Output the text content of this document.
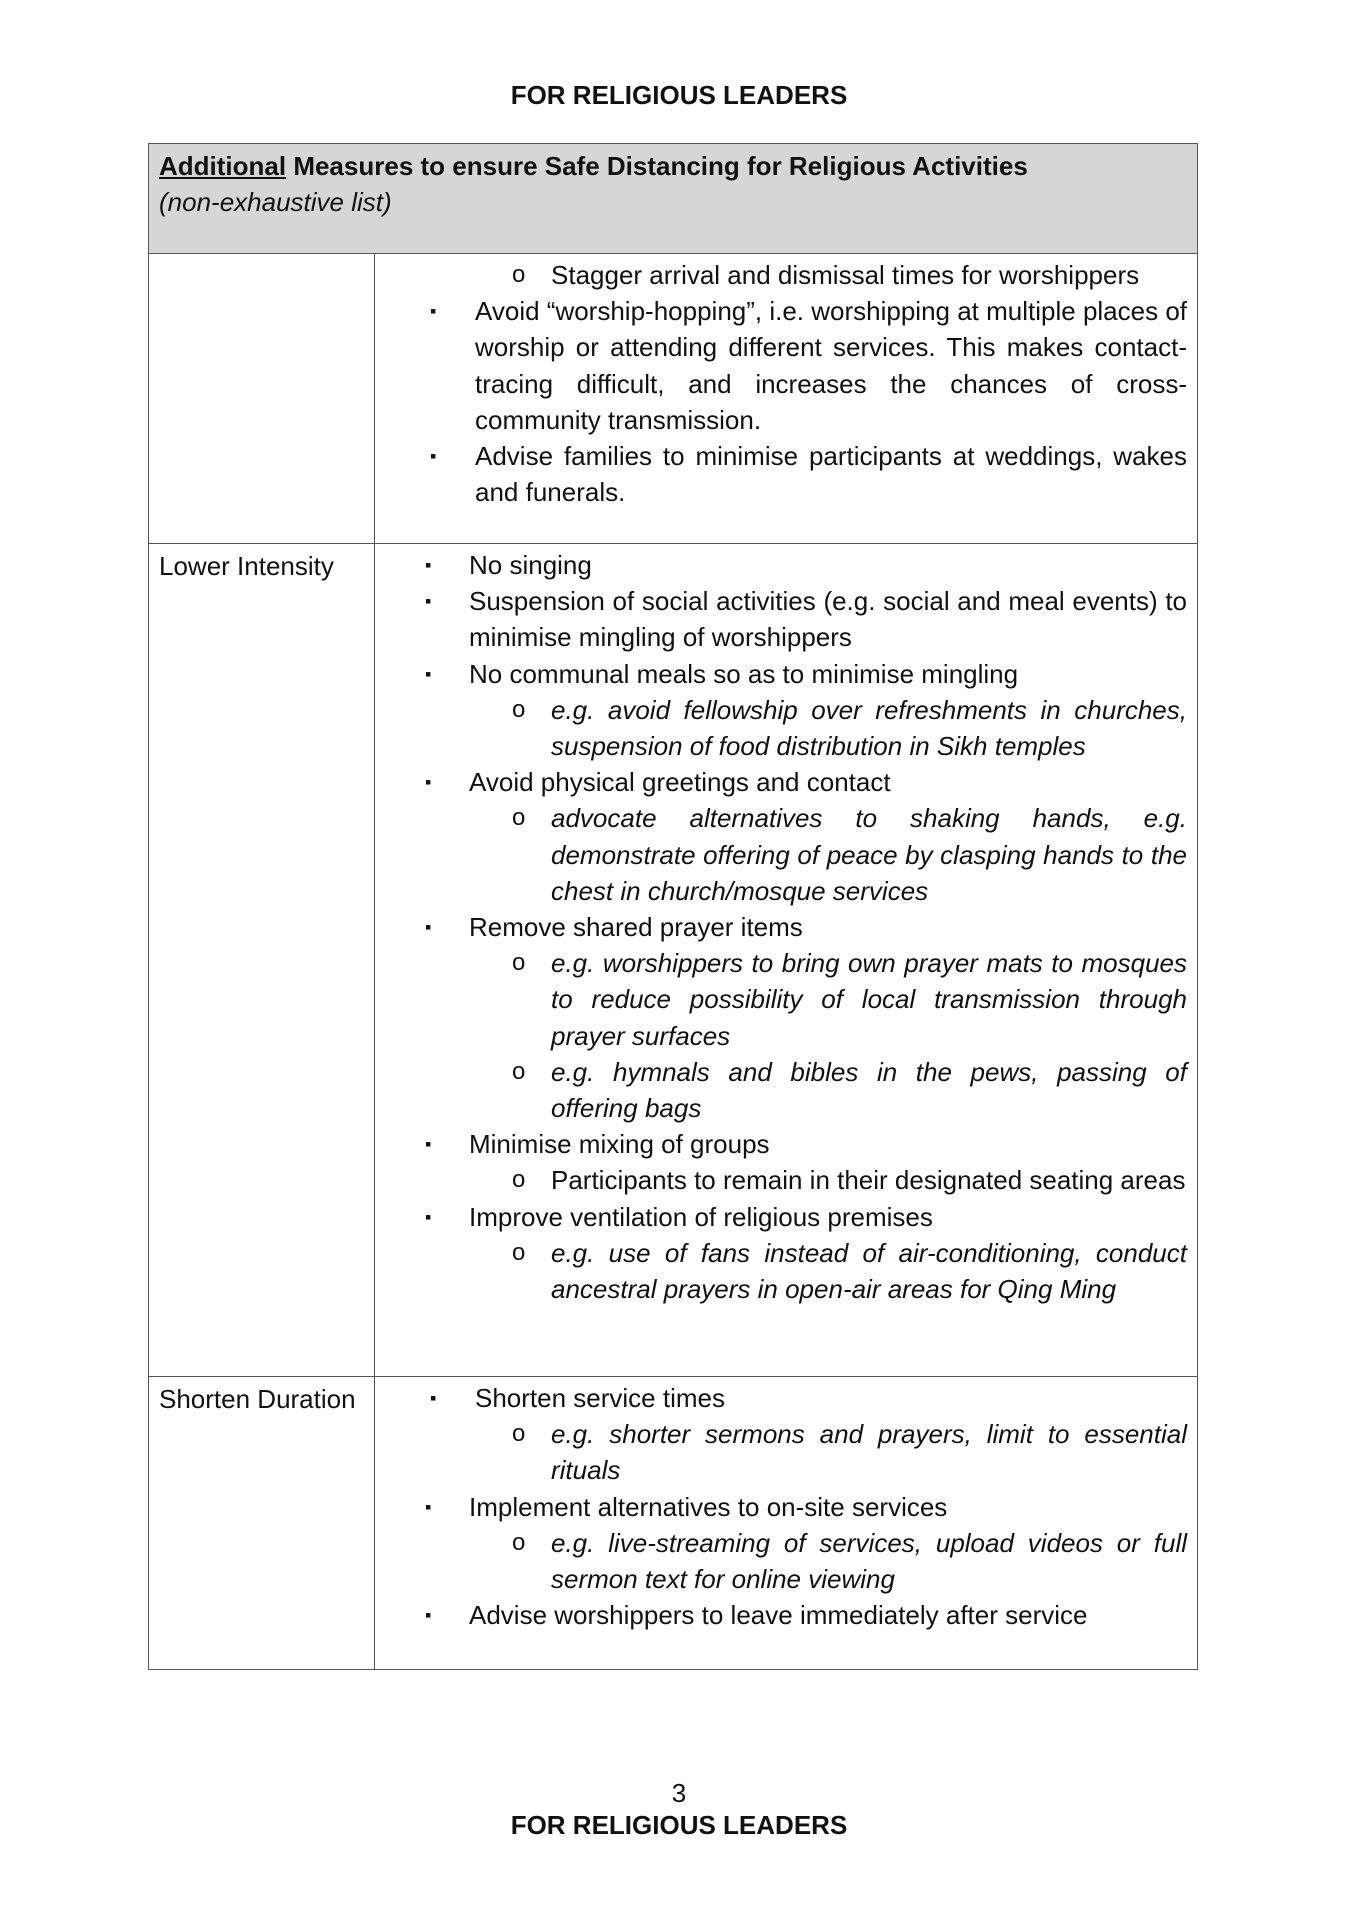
FOR RELIGIOUS LEADERS
Additional Measures to ensure Safe Distancing for Religious Activities
(non-exhaustive list)
o Stagger arrival and dismissal times for worshippers
▪ Avoid “worship-hopping”, i.e. worshipping at multiple places of worship or attending different services. This makes contact-tracing difficult, and increases the chances of cross-community transmission.
▪ Advise families to minimise participants at weddings, wakes and funerals.
Lower Intensity	▪ No singing
▪ Suspension of social activities (e.g. social and meal events) to minimise mingling of worshippers
▪ No communal meals so as to minimise mingling
o e.g. avoid fellowship over refreshments in churches, suspension of food distribution in Sikh temples
▪ Avoid physical greetings and contact
o advocate alternatives to shaking hands, e.g. demonstrate offering of peace by clasping hands to the chest in church/mosque services
▪ Remove shared prayer items
o e.g. worshippers to bring own prayer mats to mosques to reduce possibility of local transmission through prayer surfaces
o e.g. hymnals and bibles in the pews, passing of offering bags
▪ Minimise mixing of groups
o Participants to remain in their designated seating areas
▪ Improve ventilation of religious premises
o e.g. use of fans instead of air-conditioning, conduct ancestral prayers in open-air areas for Qing Ming
Shorten Duration	▪ Shorten service times
o e.g. shorter sermons and prayers, limit to essential rituals
▪ Implement alternatives to on-site services
o e.g. live-streaming of services, upload videos or full sermon text for online viewing
▪ Advise worshippers to leave immediately after service
3
FOR RELIGIOUS LEADERS
